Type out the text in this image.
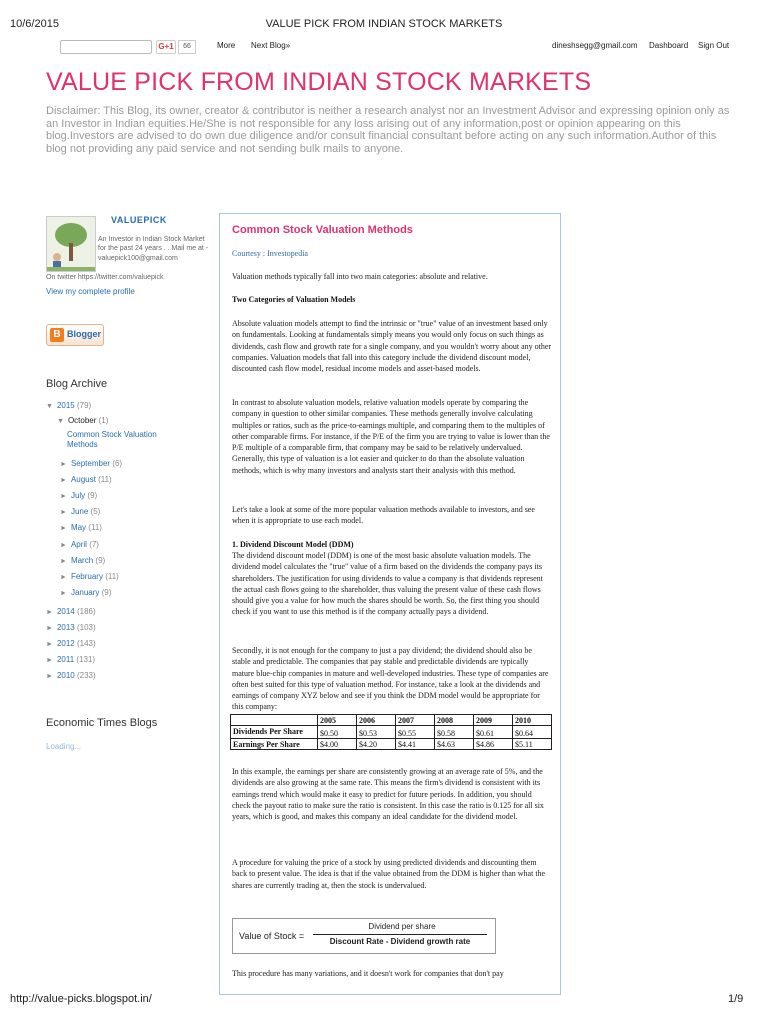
10/6/2015	VALUE PICK FROM INDIAN STOCK MARKETS
G+1	66	More Next Blog»	dineshsegg@gmail.com Dashboard Sign Out
VALUE PICK FROM INDIAN STOCK MARKETS
Disclaimer: This Blog, its owner, creator & contributor is neither a research analyst nor an Investment Advisor and expressing opinion only as an Investor in Indian equities.He/She is not responsible for any loss arising out of any information,post or opinion appearing on this blog.Investors are advised to do own due diligence and/or consult financial consultant before acting on any such information.Author of this blog not providing any paid service and not sending bulk mails to anyone.
VALUEPICK
An Investor in Indian Stock Market for the past 24 years . . Mail me at - valuepick100@gmail.com
On twitter https://twitter.com/valuepick
View my complete profile
B Blogger
Blog Archive
▼ 2015 (79)
▼ October (1)
Common Stock Valuation Methods
► September (6)
► August (11)
► July (9)
► June (5)
► May (11)
► April (7)
► March (9)
► February (11)
► January (9)
► 2014 (186)
► 2013 (103)
► 2012 (143)
► 2011 (131)
► 2010 (233)
Economic Times Blogs
Loading...
Common Stock Valuation Methods
Courtesy : Investopedia
Valuation methods typically fall into two main categories: absolute and relative.
Two Categories of Valuation Models
Absolute valuation models attempt to find the intrinsic or "true" value of an investment based only on fundamentals. Looking at fundamentals simply means you would only focus on such things as dividends, cash flow and growth rate for a single company, and you wouldn't worry about any other companies. Valuation models that fall into this category include the dividend discount model, discounted cash flow model, residual income models and asset-based models.
In contrast to absolute valuation models, relative valuation models operate by comparing the company in question to other similar companies. These methods generally involve calculating multiples or ratios, such as the price-to-earnings multiple, and comparing them to the multiples of other comparable firms. For instance, if the P/E of the firm you are trying to value is lower than the P/E multiple of a comparable firm, that company may be said to be relatively undervalued. Generally, this type of valuation is a lot easier and quicker to do than the absolute valuation methods, which is why many investors and analysts start their analysis with this method.
Let's take a look at some of the more popular valuation methods available to investors, and see when it is appropriate to use each model.
1. Dividend Discount Model (DDM)
The dividend discount model (DDM) is one of the most basic absolute valuation models. The dividend model calculates the "true" value of a firm based on the dividends the company pays its shareholders. The justification for using dividends to value a company is that dividends represent the actual cash flows going to the shareholder, thus valuing the present value of these cash flows should give you a value for how much the shares should be worth. So, the first thing you should check if you want to use this method is if the company actually pays a dividend.
Secondly, it is not enough for the company to just a pay dividend; the dividend should also be stable and predictable. The companies that pay stable and predictable dividends are typically mature blue-chip companies in mature and well-developed industries. These type of companies are often best suited for this type of valuation method. For instance, take a look at the dividends and earnings of company XYZ below and see if you think the DDM model would be appropriate for this company:
	2005	2006	2007	2008	2009	2010
Dividends Per Share	$0.50	$0.53	$0.55	$0.58	$0.61	$0.64
Earnings Per Share	$4.00	$4.20	$4.41	$4.63	$4.86	$5.11
In this example, the earnings per share are consistently growing at an average rate of 5%, and the dividends are also growing at the same rate. This means the firm's dividend is consistent with its earnings trend which would make it easy to predict for future periods. In addition, you should check the payout ratio to make sure the ratio is consistent. In this case the ratio is 0.125 for all six years, which is good, and makes this company an ideal candidate for the dividend model.
A procedure for valuing the price of a stock by using predicted dividends and discounting them back to present value. The idea is that if the value obtained from the DDM is higher than what the shares are currently trading at, then the stock is undervalued.
Value of Stock =
Dividend per share
Discount Rate - Dividend growth rate
This procedure has many variations, and it doesn't work for companies that don't pay
http://value-picks.blogspot.in/	1/9
